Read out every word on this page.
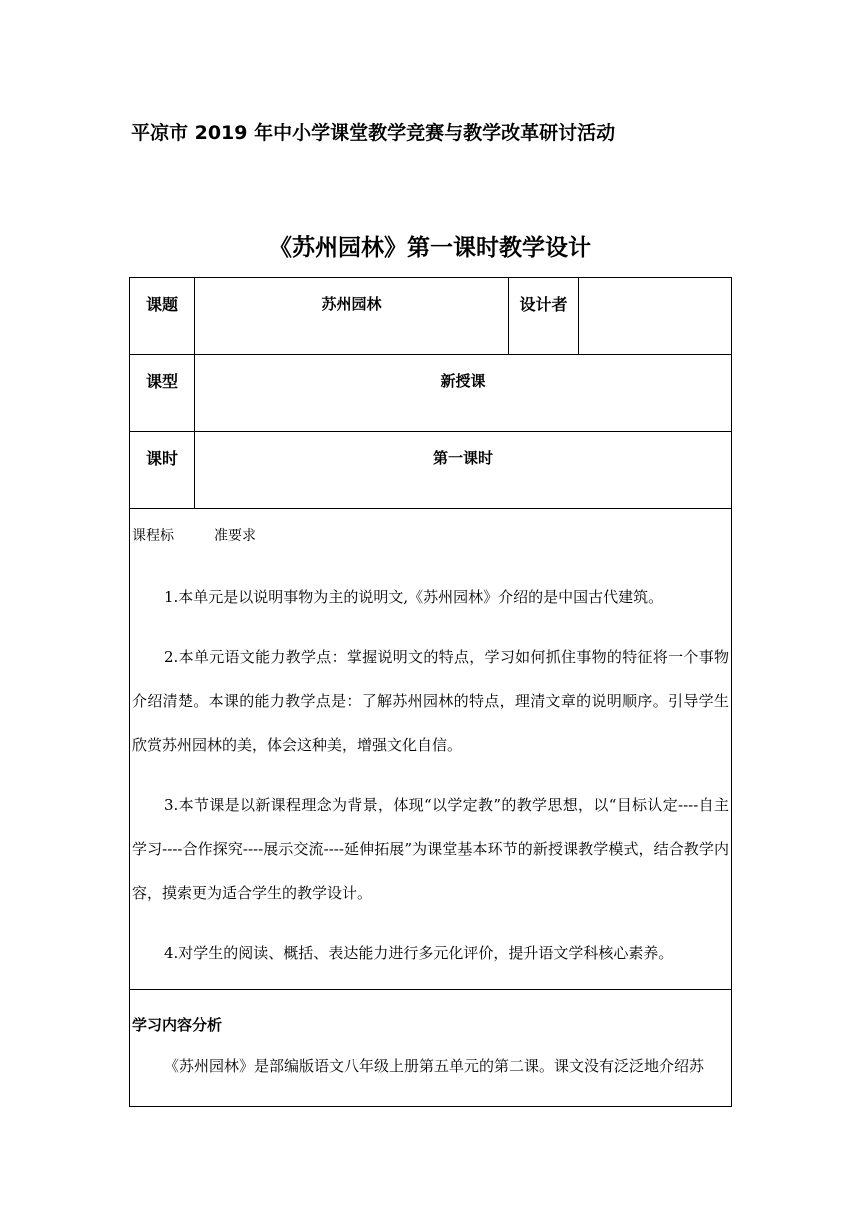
平凉市 2019 年中小学课堂教学竞赛与教学改革研讨活动
《苏州园林》第一课时教学设计
课题	苏州园林	设计者	
课型	新授课		
课时	第一课时		

课程标 准要求

1.本单元是以说明事物为主的说明文,《苏州园林》介绍的是中国古代建筑。

2.本单元语文能力教学点：掌握说明文的特点，学习如何抓住事物的特征将一个事物介绍清楚。本课的能力教学点是：了解苏州园林的特点，理清文章的说明顺序。引导学生欣赏苏州园林的美，体会这种美，增强文化自信。

3.本节课是以新课程理念为背景，体现“以学定教”的教学思想，以“目标认定----自主学习----合作探究----展示交流----延伸拓展”为课堂基本环节的新授课教学模式，结合教学内容，摸索更为适合学生的教学设计。

4.对学生的阅读、概括、表达能力进行多元化评价，提升语文学科核心素养。			

学习内容分析

《苏州园林》是部编版语文八年级上册第五单元的第二课。课文没有泛泛地介绍苏			
